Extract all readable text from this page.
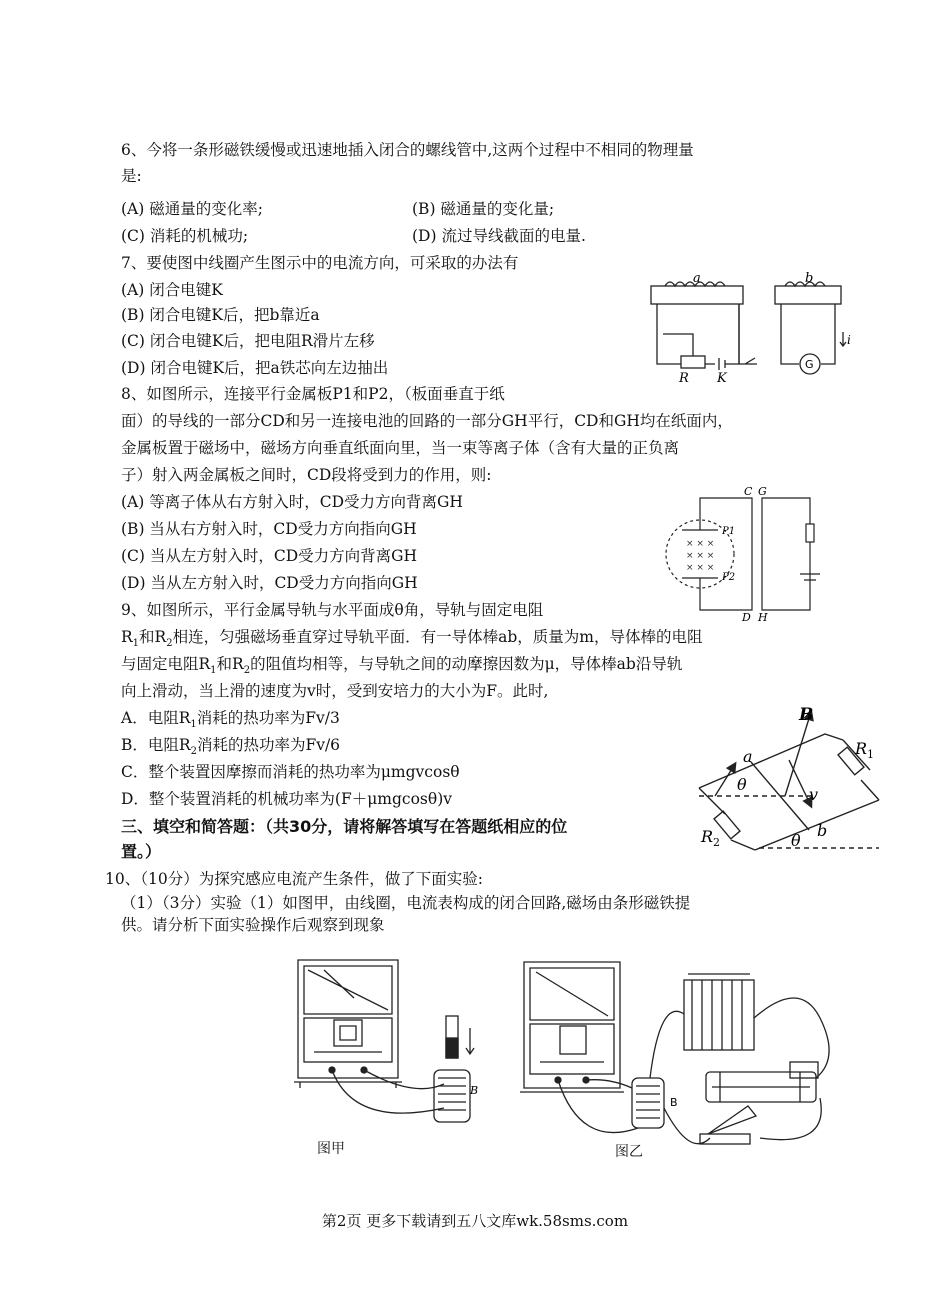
6、今将一条形磁铁缓慢或迅速地插入闭合的螺线管中,这两个过程中不相同的物理量
是:
(A) 磁通量的变化率;	(B) 磁通量的变化量;
(C) 消耗的机械功;	(D) 流过导线截面的电量.
7、要使图中线圈产生图示中的电流方向，可采取的办法有
(A) 闭合电键K
(B) 闭合电键K后，把b靠近a
(C) 闭合电键K后，把电阻R滑片左移
(D) 闭合电键K后，把a铁芯向左边抽出
a	b
R K
i
G
8、如图所示，连接平行金属板P1和P2，（板面垂直于纸
面）的导线的一部分CD和另一连接电池的回路的一部分GH平行，CD和GH均在纸面内，
金属板置于磁场中，磁场方向垂直纸面向里，当一束等离子体（含有大量的正负离
子）射入两金属板之间时，CD段将受到力的作用，则:
(A) 等离子体从右方射入时，CD受力方向背离GH
(B) 当从右方射入时，CD受力方向指向GH
(C) 当从左方射入时，CD受力方向背离GH
(D) 当从左方射入时，CD受力方向指向GH
× × ×
× × ×
× × ×
C G
D H
P1
P2
9、如图所示，平行金属导轨与水平面成θ角，导轨与固定电阻
$R_1$和$R_2$相连，匀强磁场垂直穿过导轨平面．有一导体棒ab，质量为m，导体棒的电阻
与固定电阻$R_1$和$R_2$的阻值均相等，与导轨之间的动摩擦因数为μ，导体棒ab沿导轨
向上滑动，当上滑的速度为v时，受到安培力的大小为F。此时,
A．电阻$R_1$消耗的热功率为Fv/3
B．电阻$R_2$消耗的热功率为Fv/6
C．整个装置因摩擦而消耗的热功率为μmgvcosθ
D．整个装置消耗的机械功率为(F＋μmgcosθ)v
B
a
b
v
θ
θ
R 1
R 2
三、填空和简答题：（共30分，请将解答填写在答题纸相应的位
置。）
10、（10分）为探究感应电流产生条件，做了下面实验:
（1）（3分）实验（1）如图甲，由线圈，电流表构成的闭合回路,磁场由条形磁铁提
供。请分析下面实验操作后观察到现象
B
图甲
B
图乙
第2页 更多下载请到五八文库wk.58sms.com
